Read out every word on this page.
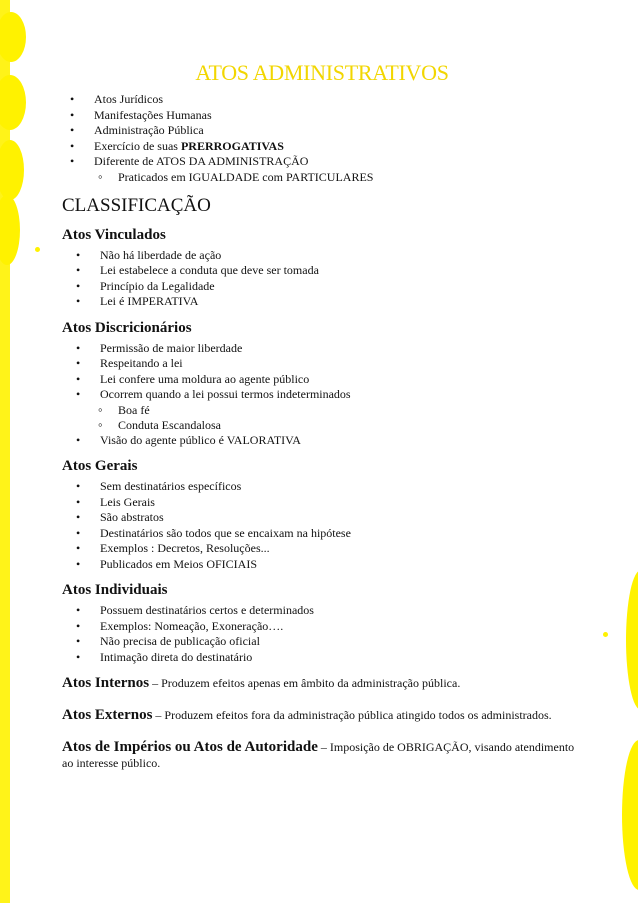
ATOS ADMINISTRATIVOS
• Atos Jurídicos
• Manifestações Humanas
• Administração Pública
• Exercício de suas PRERROGATIVAS
• Diferente de ATOS DA ADMINISTRAÇÃO
◦ Praticados em IGUALDADE com PARTICULARES
CLASSIFICAÇÃO
Atos Vinculados
• Não há liberdade de ação
• Lei estabelece a conduta que deve ser tomada
• Princípio da Legalidade
• Lei é IMPERATIVA
Atos Discricionários
• Permissão de maior liberdade
• Respeitando a lei
• Lei confere uma moldura ao agente público
• Ocorrem quando a lei possui termos indeterminados
◦ Boa fé
◦ Conduta Escandalosa
• Visão do agente público é VALORATIVA
Atos Gerais
• Sem destinatários específicos
• Leis Gerais
• São abstratos
• Destinatários são todos que se encaixam na hipótese
• Exemplos : Decretos, Resoluções...
• Publicados em Meios OFICIAIS
Atos Individuais
• Possuem destinatários certos e determinados
• Exemplos: Nomeação, Exoneração….
• Não precisa de publicação oficial
• Intimação direta do destinatário

Atos Internos – Produzem efeitos apenas em âmbito da administração pública.

Atos Externos – Produzem efeitos fora da administração pública atingido todos os administrados.

Atos de Impérios ou Atos de Autoridade – Imposição de OBRIGAÇÃO, visando atendimento ao interesse público.
